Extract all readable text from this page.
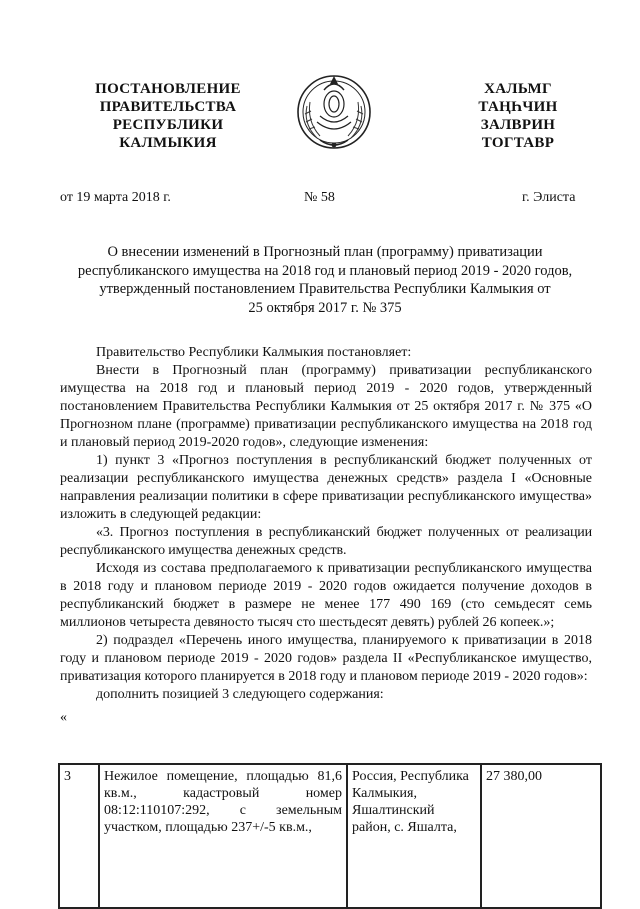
ПОСТАНОВЛЕНИЕ
ПРАВИТЕЛЬСТВА
РЕСПУБЛИКИ
КАЛМЫКИЯ
ХАЛЬМГ
ТАҢҺЧИН
ЗАЛВРИН
ТОГТАВР
от 19 марта 2018 г.	№ 58	г. Элиста
О внесении изменений в Прогнозный план (программу) приватизации
республиканского имущества на 2018 год и плановый период 2019 - 2020 годов,
утвержденный постановлением Правительства Республики Калмыкия от
25 октября 2017 г. № 375

Правительство Республики Калмыкия постановляет:

Внести в Прогнозный план (программу) приватизации республиканского имущества на 2018 год и плановый период 2019 - 2020 годов, утвержденный постановлением Правительства Республики Калмыкия от 25 октября 2017 г. № 375 «О Прогнозном плане (программе) приватизации республиканского имущества на 2018 год и плановый период 2019-2020 годов», следующие изменения:

1) пункт 3 «Прогноз поступления в республиканский бюджет полученных от реализации республиканского имущества денежных средств» раздела I «Основные направления реализации политики в сфере приватизации республиканского имущества» изложить в следующей редакции:

«3. Прогноз поступления в республиканский бюджет полученных от реализации республиканского имущества денежных средств.

Исходя из состава предполагаемого к приватизации республиканского имущества в 2018 году и плановом периоде 2019 - 2020 годов ожидается получение доходов в республиканский бюджет в размере не менее 177 490 169 (сто семьдесят семь миллионов четыреста девяносто тысяч сто шестьдесят девять) рублей 26 копеек.»;

2) подраздел «Перечень иного имущества, планируемого к приватизации в 2018 году и плановом периоде 2019 - 2020 годов» раздела II «Республиканское имущество, приватизация которого планируется в 2018 году и плановом периоде 2019 - 2020 годов»:

дополнить позицией 3 следующего содержания:

«

3	Нежилое помещение, площадью 81,6 кв.м., кадастровый номер 08:12:110107:292, с земельным участком, площадью 237+/-5 кв.м.,	Россия, Республика Калмыкия, Яшалтинский район, с. Яшалта,	27 380,00
